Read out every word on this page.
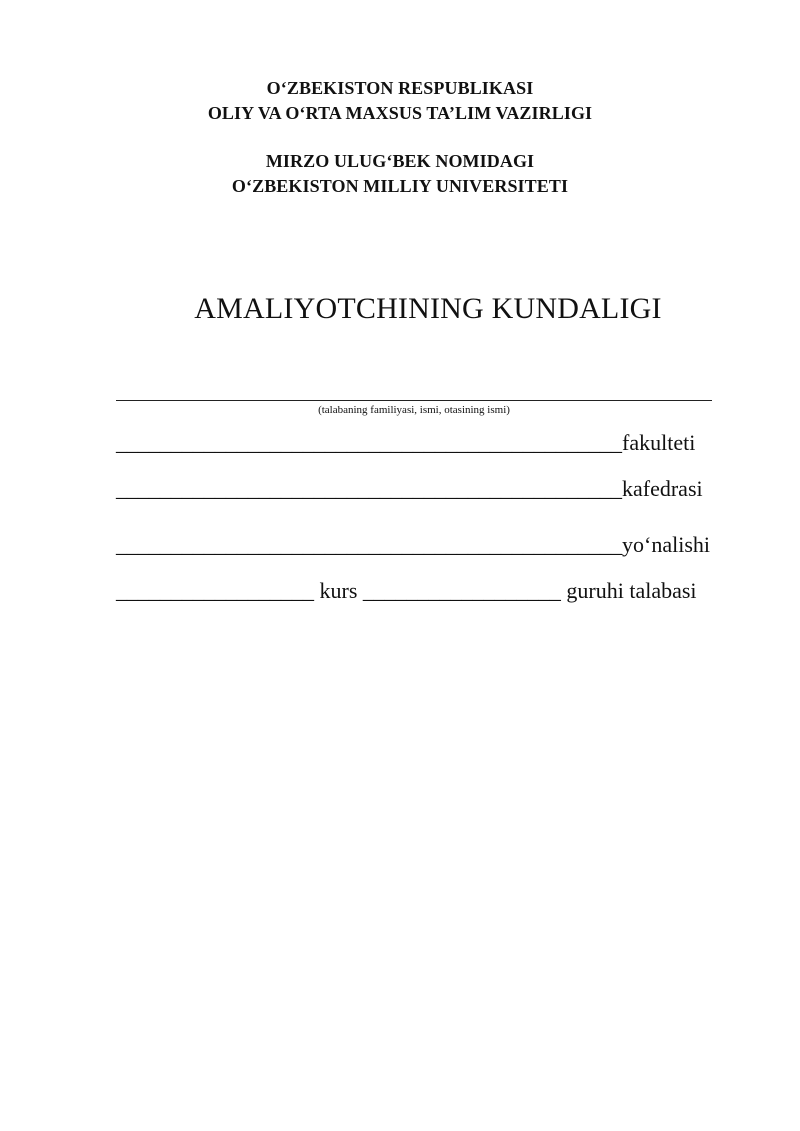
O‘ZBEKISTON RESPUBLIKASI
OLIY VA O‘RTA MAXSUS TA’LIM VAZIRLIGI
MIRZO ULUG‘BEK NOMIDAGI
O‘ZBEKISTON MILLIY UNIVERSITETI
AMALIYOTCHINING KUNDALIGI
(talabaning familiyasi, ismi, otasining ismi)
______________________________________________fakulteti
______________________________________________kafedrasi
______________________________________________yo‘nalishi
__________________ kurs __________________ guruhi talabasi
